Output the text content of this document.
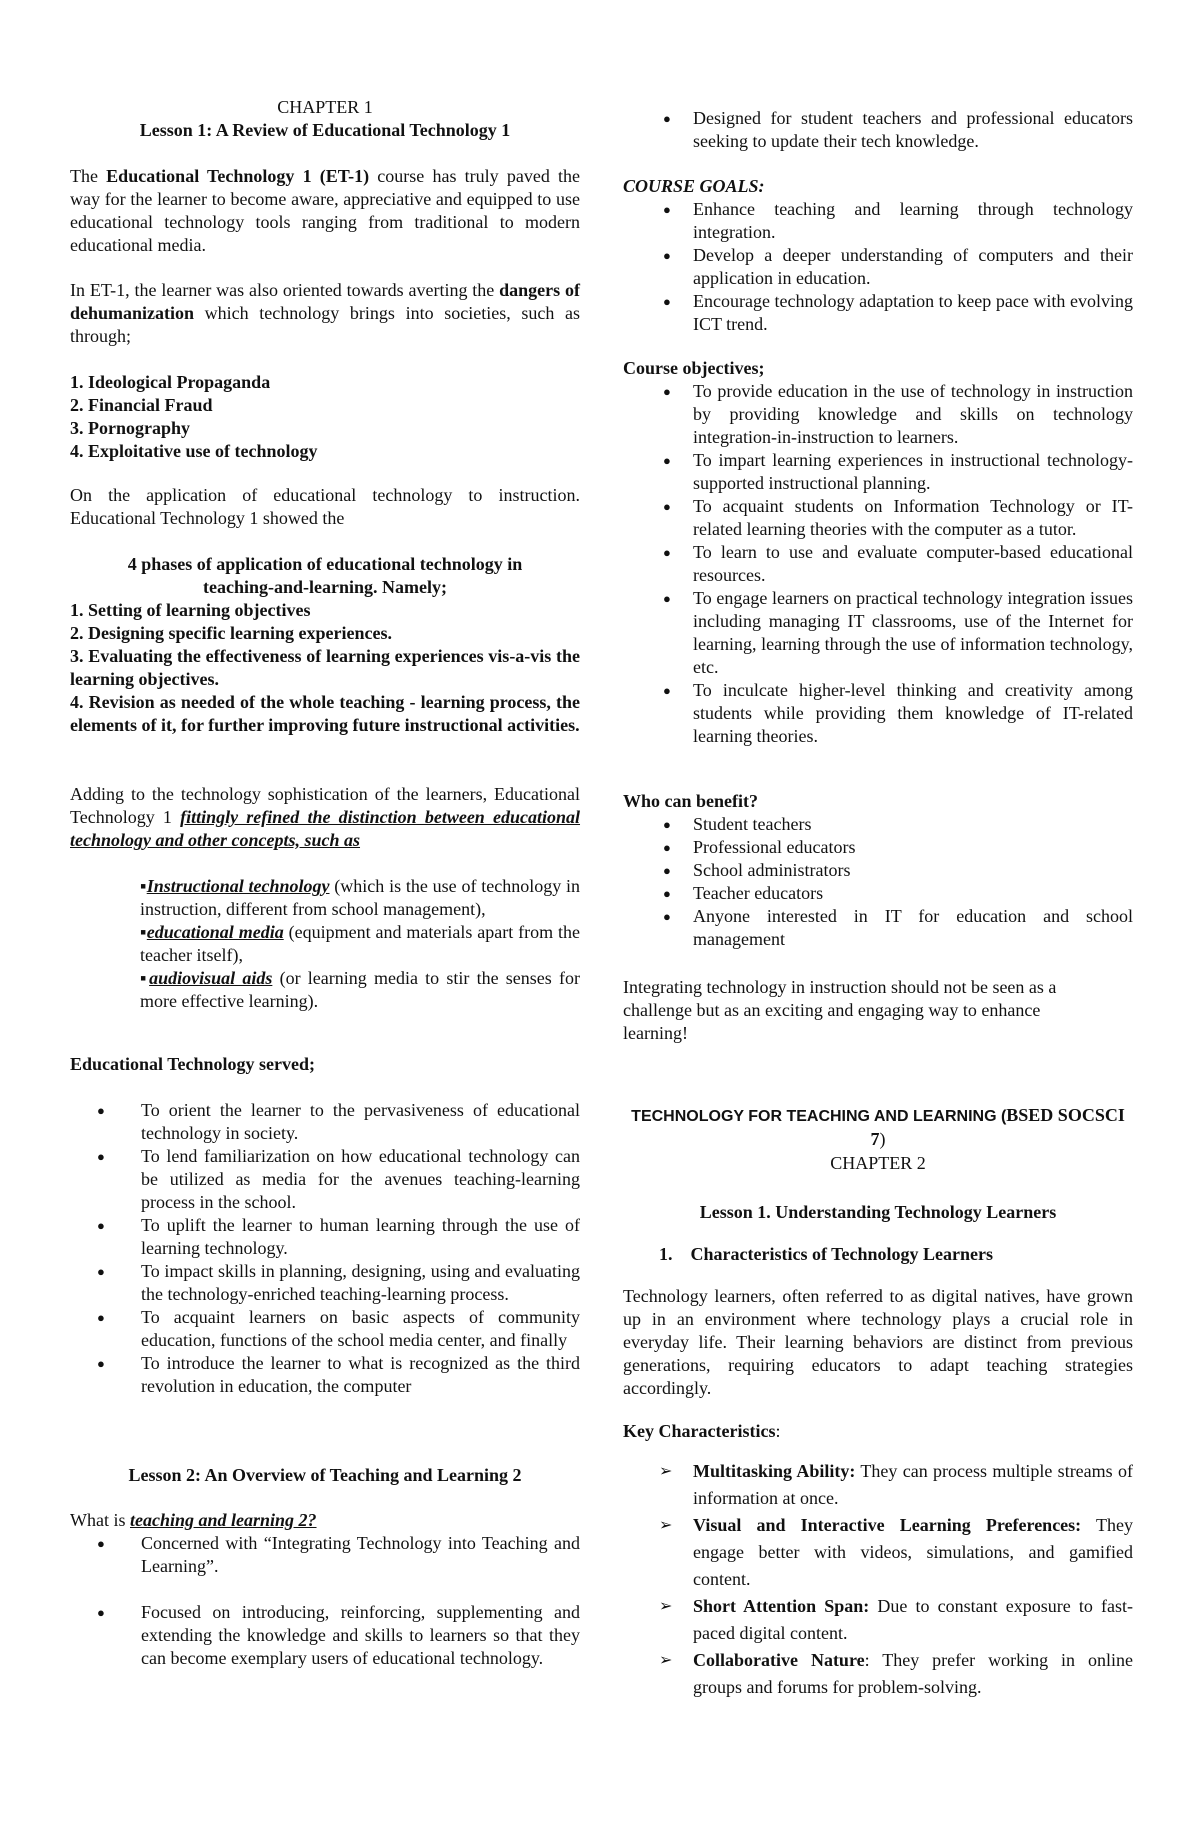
CHAPTER 1
Lesson 1: A Review of Educational Technology 1

The Educational Technology 1 (ET-1) course has truly paved the way for the learner to become aware, appreciative and equipped to use educational technology tools ranging from traditional to modern educational media.

In ET-1, the learner was also oriented towards averting the dangers of dehumanization which technology brings into societies, such as through;

1. Ideological Propaganda
2. Financial Fraud
3. Pornography
4. Exploitative use of technology

On the application of educational technology to instruction. Educational Technology 1 showed the

4 phases of application of educational technology in teaching-and-learning. Namely;
1. Setting of learning objectives
2. Designing specific learning experiences.
3. Evaluating the effectiveness of learning experiences vis-a-vis the learning objectives.
4. Revision as needed of the whole teaching - learning process, the elements of it, for further improving future instructional activities.

Adding to the technology sophistication of the learners, Educational Technology 1 fittingly refined the distinction between educational technology and other concepts, such as

▪Instructional technology (which is the use of technology in instruction, different from school management),
▪educational media (equipment and materials apart from the teacher itself),
▪audiovisual aids (or learning media to stir the senses for more effective learning).
Educational Technology served;
● To orient the learner to the pervasiveness of educational technology in society.
● To lend familiarization on how educational technology can be utilized as media for the avenues teaching-learning process in the school.
● To uplift the learner to human learning through the use of learning technology.
● To impact skills in planning, designing, using and evaluating the technology-enriched teaching-learning process.
● To acquaint learners on basic aspects of community education, functions of the school media center, and finally
● To introduce the learner to what is recognized as the third revolution in education, the computer
Lesson 2: An Overview of Teaching and Learning 2
What is teaching and learning 2?
● Concerned with “Integrating Technology into Teaching and Learning”.
● Focused on introducing, reinforcing, supplementing and extending the knowledge and skills to learners so that they can become exemplary users of educational technology.
● Designed for student teachers and professional educators seeking to update their tech knowledge.
COURSE GOALS:
● Enhance teaching and learning through technology integration.
● Develop a deeper understanding of computers and their application in education.
● Encourage technology adaptation to keep pace with evolving ICT trend.
Course objectives;
● To provide education in the use of technology in instruction by providing knowledge and skills on technology integration-in-instruction to learners.
● To impart learning experiences in instructional technology-supported instructional planning.
● To acquaint students on Information Technology or IT-related learning theories with the computer as a tutor.
● To learn to use and evaluate computer-based educational resources.
● To engage learners on practical technology integration issues including managing IT classrooms, use of the Internet for learning, learning through the use of information technology, etc.
● To inculcate higher-level thinking and creativity among students while providing them knowledge of IT-related learning theories.
Who can benefit?
● Student teachers
● Professional educators
● School administrators
● Teacher educators
● Anyone interested in IT for education and school management

Integrating technology in instruction should not be seen as a challenge but as an exciting and engaging way to enhance learning!

TECHNOLOGY FOR TEACHING AND LEARNING (BSED SOCSCI 7)
CHAPTER 2
Lesson 1. Understanding Technology Learners
1. Characteristics of Technology Learners

Technology learners, often referred to as digital natives, have grown up in an environment where technology plays a crucial role in everyday life. Their learning behaviors are distinct from previous generations, requiring educators to adapt teaching strategies accordingly.

Key Characteristics:
➢ Multitasking Ability: They can process multiple streams of information at once.
➢ Visual and Interactive Learning Preferences: They engage better with videos, simulations, and gamified content.
➢ Short Attention Span: Due to constant exposure to fast-paced digital content.
➢ Collaborative Nature: They prefer working in online groups and forums for problem-solving.
